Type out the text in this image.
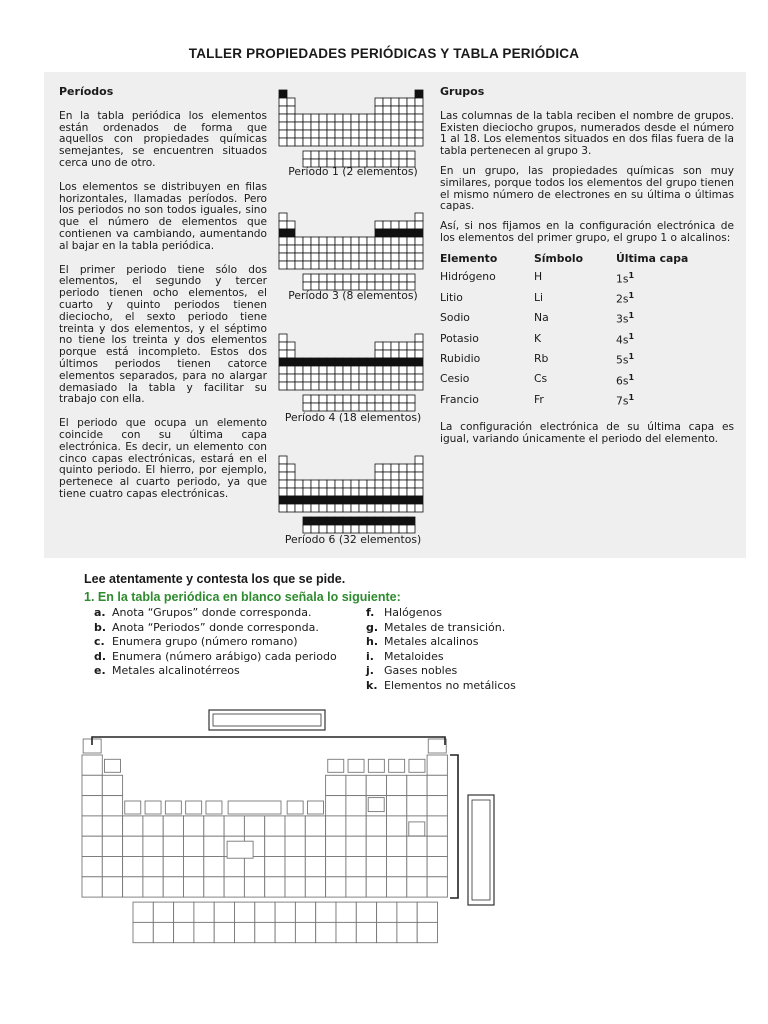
TALLER PROPIEDADES PERIÓDICAS Y TABLA PERIÓDICA
Períodos

En la tabla periódica los elementos están ordenados de forma que aquellos con propiedades químicas semejantes, se encuentren situados cerca uno de otro.

Los elementos se distribuyen en filas horizontales, llamadas períodos. Pero los periodos no son todos iguales, sino que el número de elementos que contienen va cambiando, aumentando al bajar en la tabla periódica.

El primer periodo tiene sólo dos elementos, el segundo y tercer periodo tienen ocho elementos, el cuarto y quinto periodos tienen dieciocho, el sexto periodo tiene treinta y dos elementos, y el séptimo no tiene los treinta y dos elementos porque está incompleto. Estos dos últimos periodos tienen catorce elementos separados, para no alargar demasiado la tabla y facilitar su trabajo con ella.

El periodo que ocupa un elemento coincide con su última capa electrónica. Es decir, un elemento con cinco capas electrónicas, estará en el quinto periodo. El hierro, por ejemplo, pertenece al cuarto periodo, ya que tiene cuatro capas electrónicas.

Período 1 (2 elementos)
Período 3 (8 elementos)
Período 4 (18 elementos)
Período 6 (32 elementos)
Grupos

Las columnas de la tabla reciben el nombre de grupos. Existen dieciocho grupos, numerados desde el número 1 al 18. Los elementos situados en dos filas fuera de la tabla pertenecen al grupo 3.

En un grupo, las propiedades químicas son muy similares, porque todos los elementos del grupo tienen el mismo número de electrones en su última o últimas capas.

Así, si nos fijamos en la configuración electrónica de los elementos del primer grupo, el grupo 1 o alcalinos:

Elemento	Símbolo	Última capa
Hidrógeno	H	$1s^1$
Litio	Li	$2s^1$
Sodio	Na	$3s^1$
Potasio	K	$4s^1$
Rubidio	Rb	$5s^1$
Cesio	Cs	$6s^1$
Francio	Fr	$7s^1$

La configuración electrónica de su última capa es igual, variando únicamente el periodo del elemento.

Lee atentamente y contesta los que se pide.
1. En la tabla periódica en blanco señala lo siguiente:
a. Anota “Grupos” donde corresponda.
b. Anota “Periodos” donde corresponda.
c. Enumera grupo (número romano)
d. Enumera (número arábigo) cada periodo
e. Metales alcalinotérreos
f. Halógenos
g. Metales de transición.
h. Metales alcalinos
i. Metaloides
j. Gases nobles
k. Elementos no metálicos
